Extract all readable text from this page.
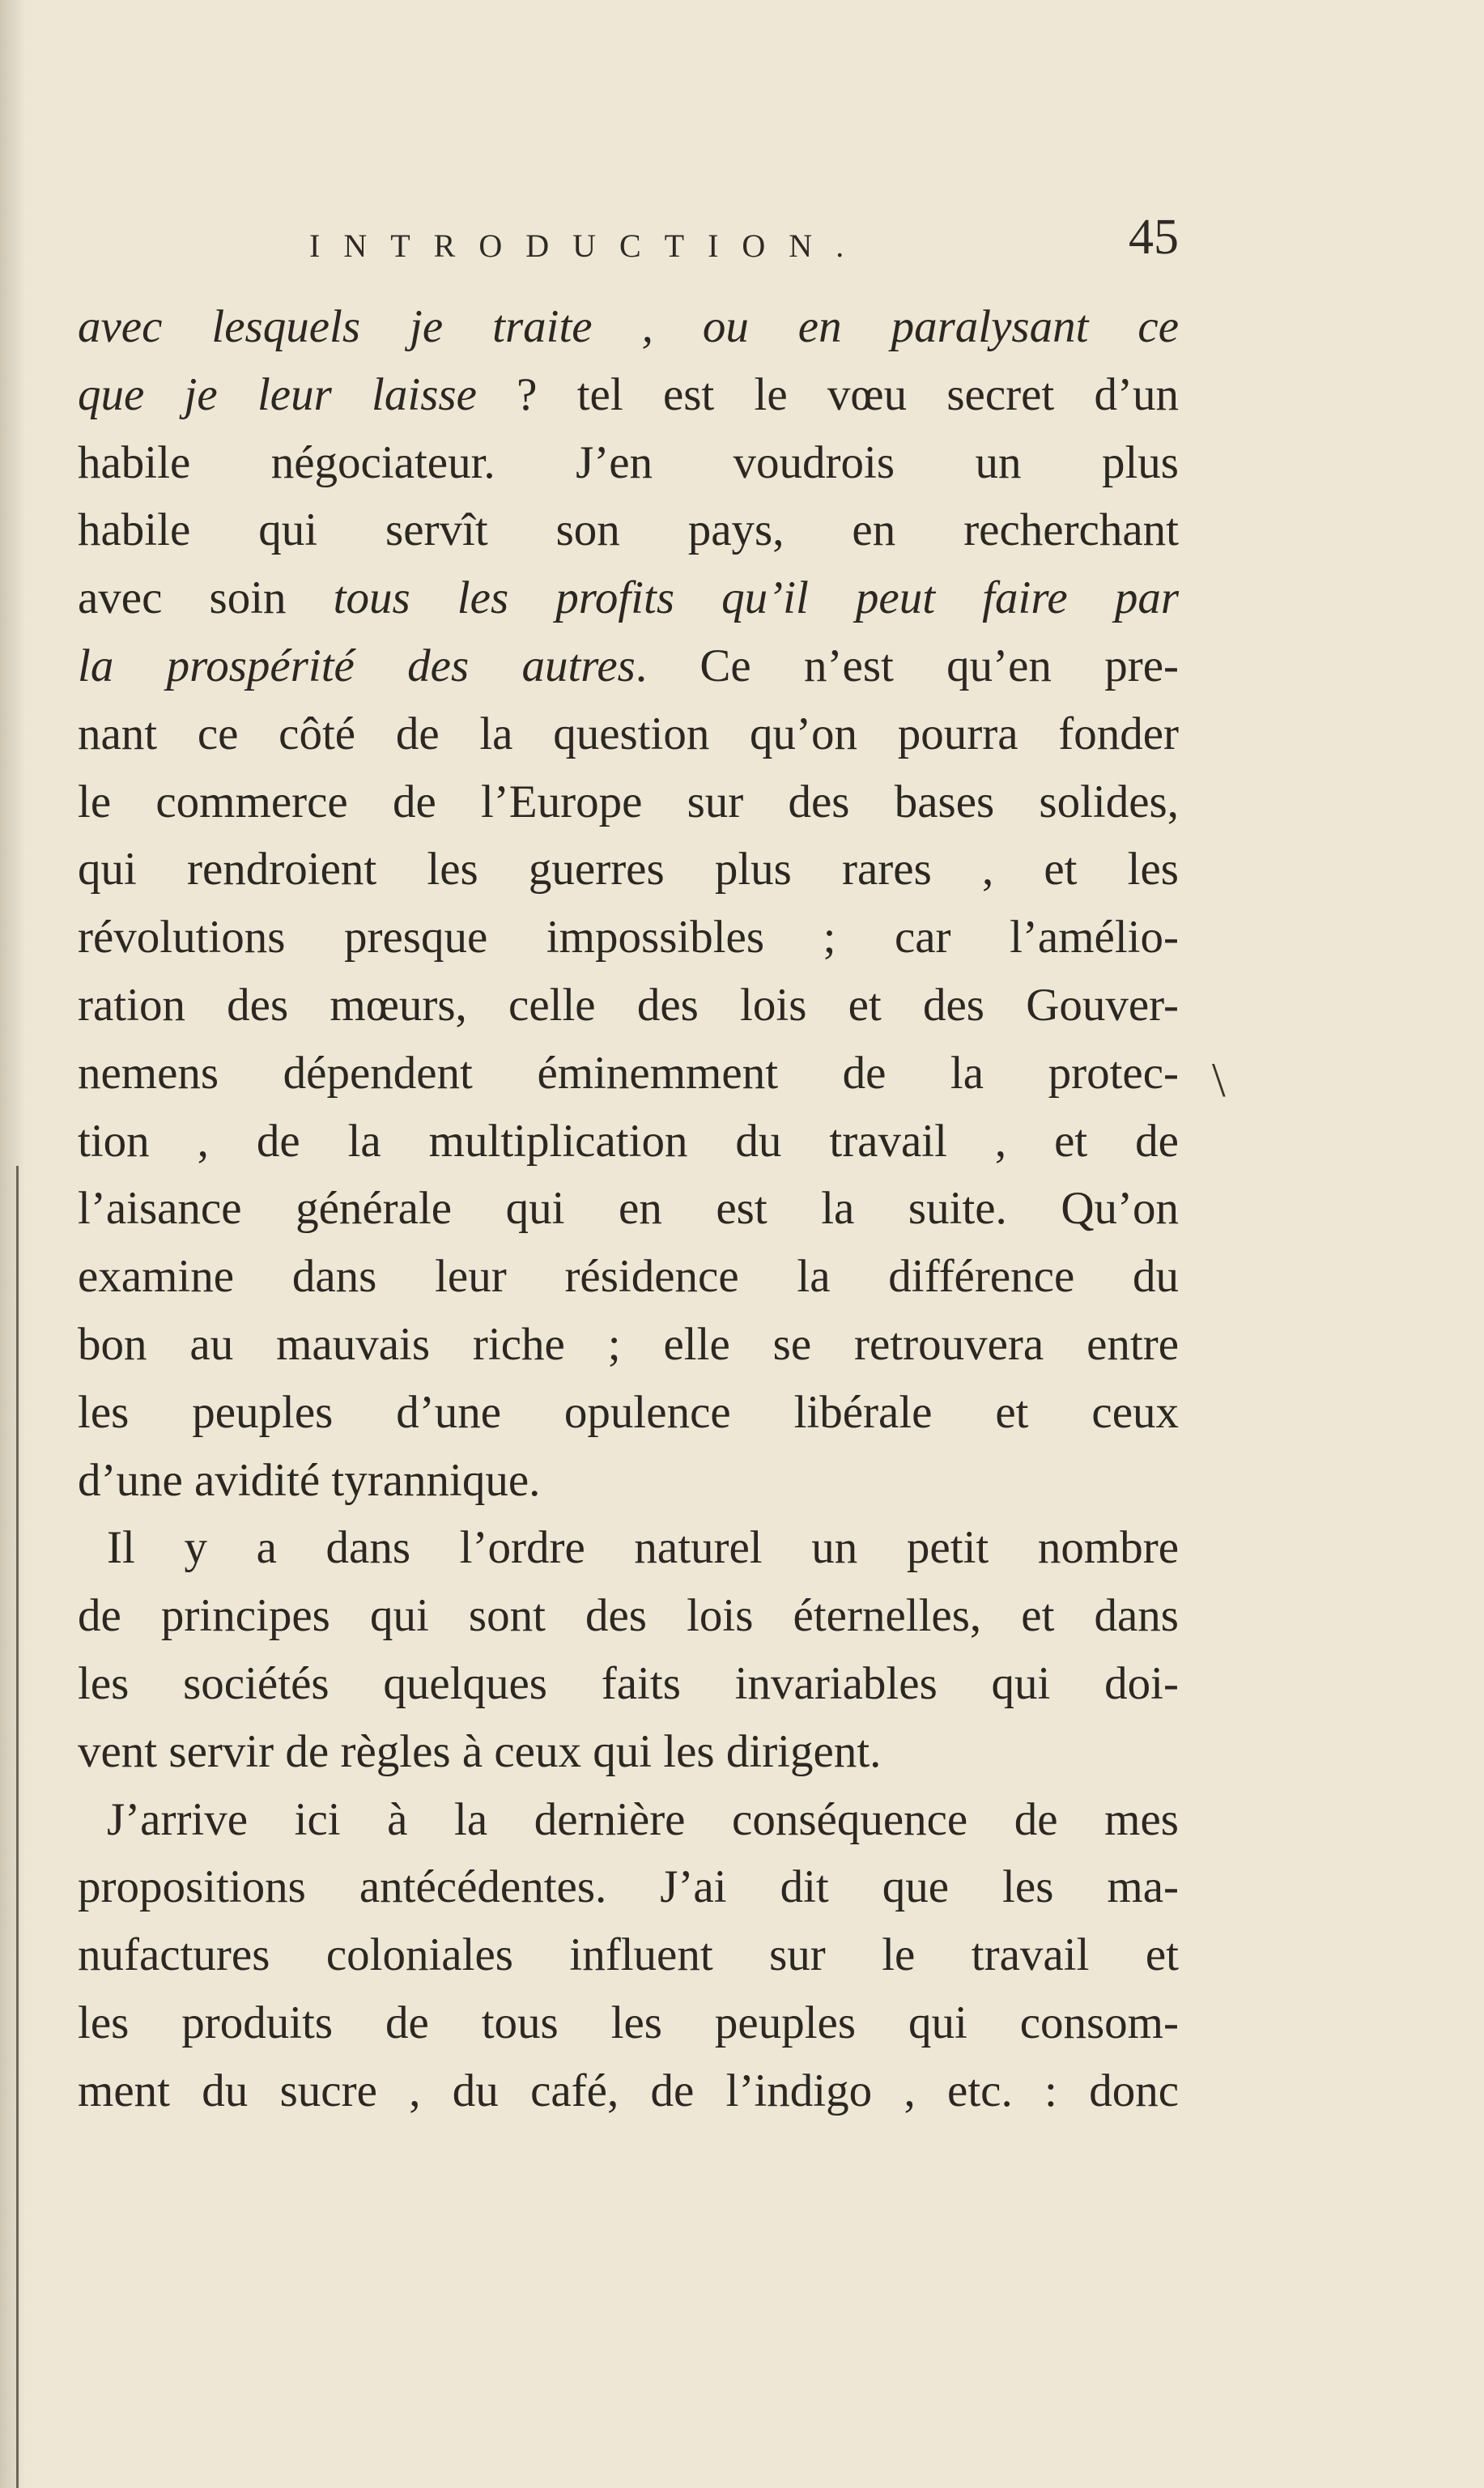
INTRODUCTION.	45
avec lesquels je traite , ou en paralysant ce
que je leur laisse ? tel est le vœu secret d’un
habile négociateur. J’en voudrois un plus
habile qui servît son pays, en recherchant
avec soin tous les profits qu’il peut faire par
la prospérité des autres. Ce n’est qu’en pre-
nant ce côté de la question qu’on pourra fonder
le commerce de l’Europe sur des bases solides,
qui rendroient les guerres plus rares , et les
révolutions presque impossibles ; car l’amélio-
ration des mœurs, celle des lois et des Gouver-
nemens dépendent éminemment de la protec-
tion , de la multiplication du travail , et de
l’aisance générale qui en est la suite. Qu’on
examine dans leur résidence la différence du
bon au mauvais riche ; elle se retrouvera entre
les peuples d’une opulence libérale et ceux
d’une avidité tyrannique.
Il y a dans l’ordre naturel un petit nombre
de principes qui sont des lois éternelles, et dans
les sociétés quelques faits invariables qui doi-
vent servir de règles à ceux qui les dirigent.
J’arrive ici à la dernière conséquence de mes
propositions antécédentes. J’ai dit que les ma-
nufactures coloniales influent sur le travail et
les produits de tous les peuples qui consom-
ment du sucre , du café, de l’indigo , etc. : donc
\
